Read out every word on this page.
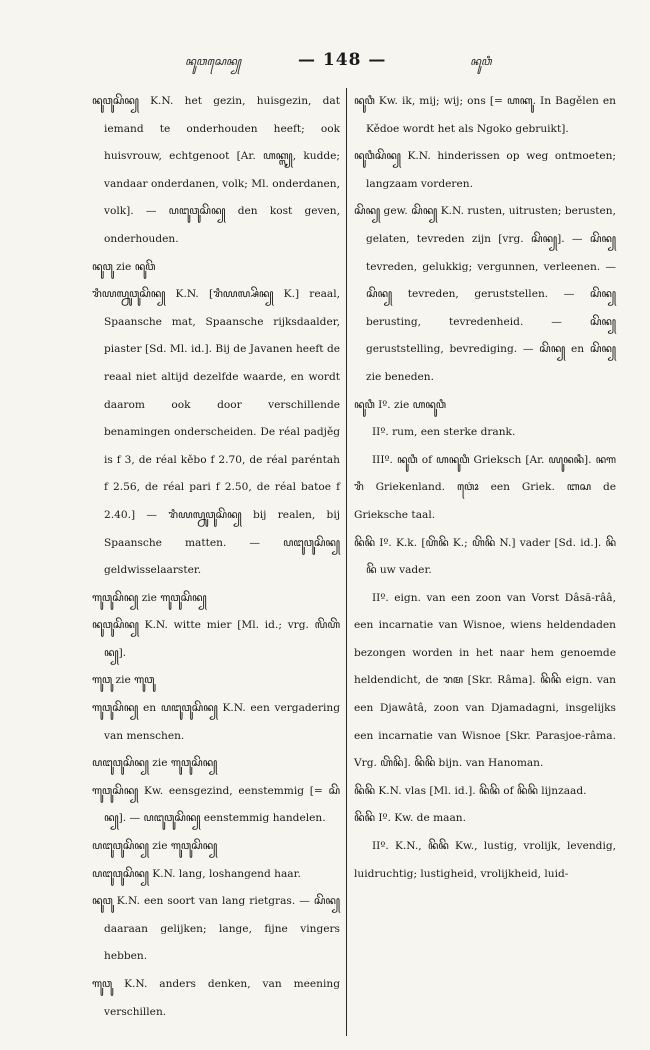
ꦤꦸꦮꦱꦺꦤ꧀	— 148 —	ꦤꦸꦮꦶ

ꦤꦸꦮꦸꦱꦼꦤ꧀ K.N. het gezin, huisgezin, dat iemand te onderhouden heeft; ook huisvrouw, echtgenoot [Ar. ꦲꦏ꧀ꦭ꧀, kudde; vandaar onderdanen, volk; Ml. onderdanen, volk]. — ꦥꦔꦸꦮꦸꦱꦼꦤ꧀ den kost geven, onderhouden.

ꦤꦸꦮꦸ zie ꦤꦸꦮꦼ

ꦫꦶꦪꦭ꧀ꦤꦸꦮꦸꦱꦼꦤ꧀ K.N. [ꦫꦶꦪꦭ꧀ꦱꦼꦤ꧀ K.] reaal, Spaansche mat, Spaansche rijksdaalder, piaster [Sd. Ml. id.]. Bij de Javanen heeft de reaal niet altijd dezelfde waarde, en wordt daarom ook door verschillende benamingen onderscheiden. De réal padjěg is f 3, de réal kěbo f 2.70, de réal paréntah f 2.56, de réal pari f 2.50, de réal batoe f 2.40.] — ꦫꦶꦪꦭ꧀ꦤꦸꦮꦸꦱꦼꦤ꧀ bij realen, bij Spaansche matten. — ꦥꦔꦸꦮꦸꦱꦼꦤ꧀ geldwisselaarster.

ꦒꦸꦮꦸꦱꦼꦤ꧀ zie ꦒꦸꦮꦸꦱꦼꦤ꧀

ꦤꦸꦮꦸꦱꦼꦤ꧀ K.N. witte mier [Ml. id.; vrg. ꦭꦼꦲꦼꦤ꧀].

ꦒꦸꦮꦸ zie ꦒꦸꦮꦸ

ꦒꦸꦮꦸꦱꦼꦤ꧀ en ꦥꦔꦸꦮꦸꦱꦼꦤ꧀ K.N. een vergadering van menschen.

ꦥꦔꦸꦮꦸꦱꦼꦤ꧀ zie ꦒꦸꦮꦸꦱꦼꦤ꧀

ꦒꦸꦮꦸꦱꦼꦤ꧀ Kw. eensgezind, eenstemmig [= ꦱꦼꦤ꧀]. — ꦥꦔꦸꦮꦸꦱꦼꦤ꧀ eenstemmig handelen.

ꦥꦔꦸꦮꦸꦱꦼꦤ꧀ zie ꦒꦸꦮꦸꦱꦼꦤ꧀

ꦥꦔꦸꦮꦸꦱꦼꦤ꧀ K.N. lang, loshangend haar.

ꦤꦸꦮꦸ K.N. een soort van lang rietgras. — ꦱꦼꦤ꧀ daaraan gelijken; lange, fijne vingers hebben.

ꦒꦸꦮꦸ K.N. anders denken, van meening verschillen.

ꦤꦸꦮꦶ Kw. ik, mij; wij; ons [= ꦲꦏꦸ. In Bagělen en Kědoe wordt het als Ngoko gebruikt].

ꦤꦸꦮꦶꦱꦼꦤ꧀ K.N. hinderissen op weg ontmoeten; langzaam vorderen.

ꦱꦼꦤ꧀ gew. ꦱꦼꦤ꧀ K.N. rusten, uitrusten; berusten, gelaten, tevreden zijn [vrg. ꦱꦼꦤ꧀]. — ꦱꦼꦤ꧀ tevreden, gelukkig; vergunnen, verleenen. — ꦱꦼꦤ꧀ tevreden, geruststellen. — ꦱꦼꦤ꧀ berusting, tevredenheid. — ꦱꦼꦤ꧀ geruststelling, bevrediging. — ꦱꦼꦤ꧀ en ꦱꦼꦤ꧀ zie beneden.

ꦤꦸꦮꦶ Iº. zie ꦲꦤꦸꦮꦶ

IIº. rum, een sterke drank.

IIIº. ꦤꦸꦮꦶ of ꦲꦤꦸꦮꦶ Grieksch [Ar. ꦪꦸꦤꦤꦶ]. ꦤꦒꦫꦶ Griekenland. ꦮꦺꦴꦁ een Griek. ꦧꦱ de Grieksche taal.

ꦤꦼꦤꦼ Iº. K.k. [ꦲꦼꦤꦼ K.; ꦲꦼꦤꦼ N.] vader [Sd. id.]. ꦤꦼꦤꦼ uw vader.

IIº. eign. van een zoon van Vorst Dâsă-rââ, een incarnatie van Wisnoe, wiens heldendaden bezongen worden in het naar hem genoemde heldendicht, de ꦫꦩ [Skr. Râma]. ꦤꦼꦤꦼ eign. van een Djawâtâ, zoon van Djamadagni, insgelijks een incarnatie van Wisnoe [Skr. Parasjoe-râma. Vrg. ꦲꦼꦤꦼ]. ꦤꦼꦤꦼ bijn. van Hanoman.

ꦤꦼꦤꦼ K.N. vlas [Ml. id.]. ꦤꦼꦤꦼ of ꦤꦼꦤꦼ lijnzaad.

ꦤꦼꦤꦼ Iº. Kw. de maan.

IIº. K.N., ꦤꦼꦤꦼ Kw., lustig, vrolijk, levendig, luidruchtig; lustigheid, vrolijkheid, luid-
